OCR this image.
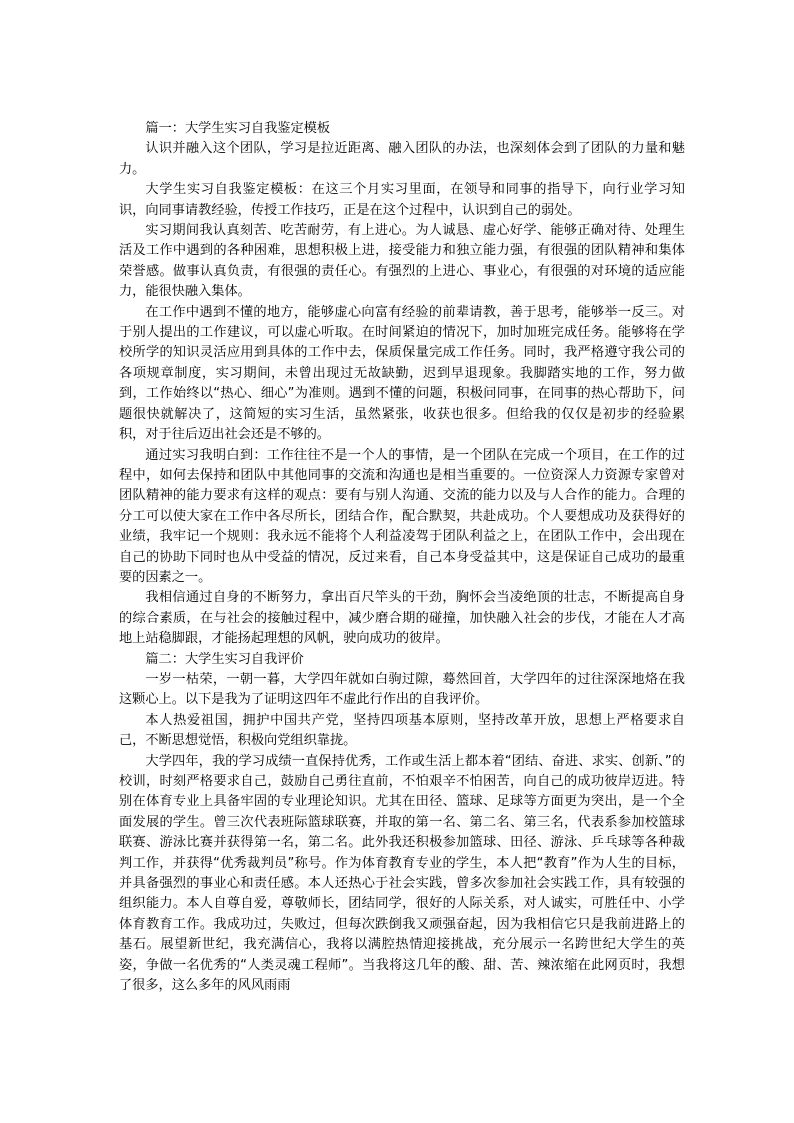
篇一：大学生实习自我鉴定模板

认识并融入这个团队，学习是拉近距离、融入团队的办法，也深刻体会到了团队的力量和魅力。

大学生实习自我鉴定模板：在这三个月实习里面，在领导和同事的指导下，向行业学习知识，向同事请教经验，传授工作技巧，正是在这个过程中，认识到自己的弱处。

实习期间我认真刻苦、吃苦耐劳，有上进心。为人诚恳、虚心好学、能够正确对待、处理生活及工作中遇到的各种困难，思想积极上进，接受能力和独立能力强，有很强的团队精神和集体荣誉感。做事认真负责，有很强的责任心。有强烈的上进心、事业心，有很强的对环境的适应能力，能很快融入集体。

在工作中遇到不懂的地方，能够虚心向富有经验的前辈请教，善于思考，能够举一反三。对于别人提出的工作建议，可以虚心听取。在时间紧迫的情况下，加时加班完成任务。能够将在学校所学的知识灵活应用到具体的工作中去，保质保量完成工作任务。同时，我严格遵守我公司的各项规章制度，实习期间，未曾出现过无故缺勤，迟到早退现象。我脚踏实地的工作，努力做到，工作始终以“热心、细心”为准则。遇到不懂的问题，积极问同事，在同事的热心帮助下，问题很快就解决了，这简短的实习生活，虽然紧张，收获也很多。但给我的仅仅是初步的经验累积，对于往后迈出社会还是不够的。

通过实习我明白到：工作往往不是一个人的事情，是一个团队在完成一个项目，在工作的过程中，如何去保持和团队中其他同事的交流和沟通也是相当重要的。一位资深人力资源专家曾对团队精神的能力要求有这样的观点：要有与别人沟通、交流的能力以及与人合作的能力。合理的分工可以使大家在工作中各尽所长，团结合作，配合默契，共赴成功。个人要想成功及获得好的业绩，我牢记一个规则：我永远不能将个人利益凌驾于团队利益之上，在团队工作中，会出现在自己的协助下同时也从中受益的情况，反过来看，自己本身受益其中，这是保证自己成功的最重要的因素之一。

我相信通过自身的不断努力，拿出百尺竿头的干劲，胸怀会当凌绝顶的壮志，不断提高自身的综合素质，在与社会的接触过程中，减少磨合期的碰撞，加快融入社会的步伐，才能在人才高地上站稳脚跟，才能扬起理想的风帆，驶向成功的彼岸。

篇二：大学生实习自我评价

一岁一枯荣，一朝一暮，大学四年就如白驹过隙，蓦然回首，大学四年的过往深深地烙在我这颗心上。以下是我为了证明这四年不虚此行作出的自我评价。

本人热爱祖国，拥护中国共产党，坚持四项基本原则，坚持改革开放，思想上严格要求自己，不断思想觉悟，积极向党组织靠拢。

大学四年，我的学习成绩一直保持优秀，工作或生活上都本着“团结、奋进、求实、创新、”的校训，时刻严格要求自己，鼓励自己勇往直前，不怕艰辛不怕困苦，向自己的成功彼岸迈进。特别在体育专业上具备牢固的专业理论知识。尤其在田径、篮球、足球等方面更为突出，是一个全面发展的学生。曾三次代表班际篮球联赛，并取的第一名、第二名、第三名，代表系参加校篮球联赛、游泳比赛并获得第一名，第二名。此外我还积极参加篮球、田径、游泳、乒乓球等各种裁判工作，并获得“优秀裁判员”称号。作为体育教育专业的学生，本人把“教育”作为人生的目标，并具备强烈的事业心和责任感。本人还热心于社会实践，曾多次参加社会实践工作，具有较强的组织能力。本人自尊自爱，尊敬师长，团结同学，很好的人际关系，对人诚实，可胜任中、小学体育教育工作。我成功过，失败过，但每次跌倒我又顽强奋起，因为我相信它只是我前进路上的基石。展望新世纪，我充满信心，我将以满腔热情迎接挑战，充分展示一名跨世纪大学生的英姿，争做一名优秀的“人类灵魂工程师”。当我将这几年的酸、甜、苦、辣浓缩在此网页时，我想了很多，这么多年的风风雨雨
